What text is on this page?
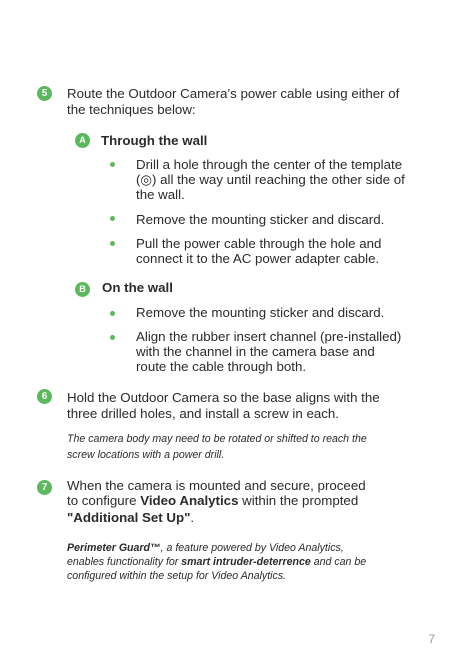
5	Route the Outdoor Camera’s power cable using either of
the techniques below:
A	Through the wall
Drill a hole through the center of the template (◎) all the way until reaching the other side of the wall.
Remove the mounting sticker and discard.
Pull the power cable through the hole and connect it to the AC power adapter cable.
B	On the wall
Remove the mounting sticker and discard.
Align the rubber insert channel (pre-installed) with the channel in the camera base and route the cable through both.
6	Hold the Outdoor Camera so the base aligns with the
three drilled holes, and install a screw in each.
The camera body may need to be rotated or shifted to reach the
screw locations with a power drill.
7	When the camera is mounted and secure, proceed
to configure Video Analytics within the prompted
"Additional Set Up".
Perimeter Guard™, a feature powered by Video Analytics,
enables functionality for smart intruder-deterrence and can be
configured within the setup for Video Analytics.
7
